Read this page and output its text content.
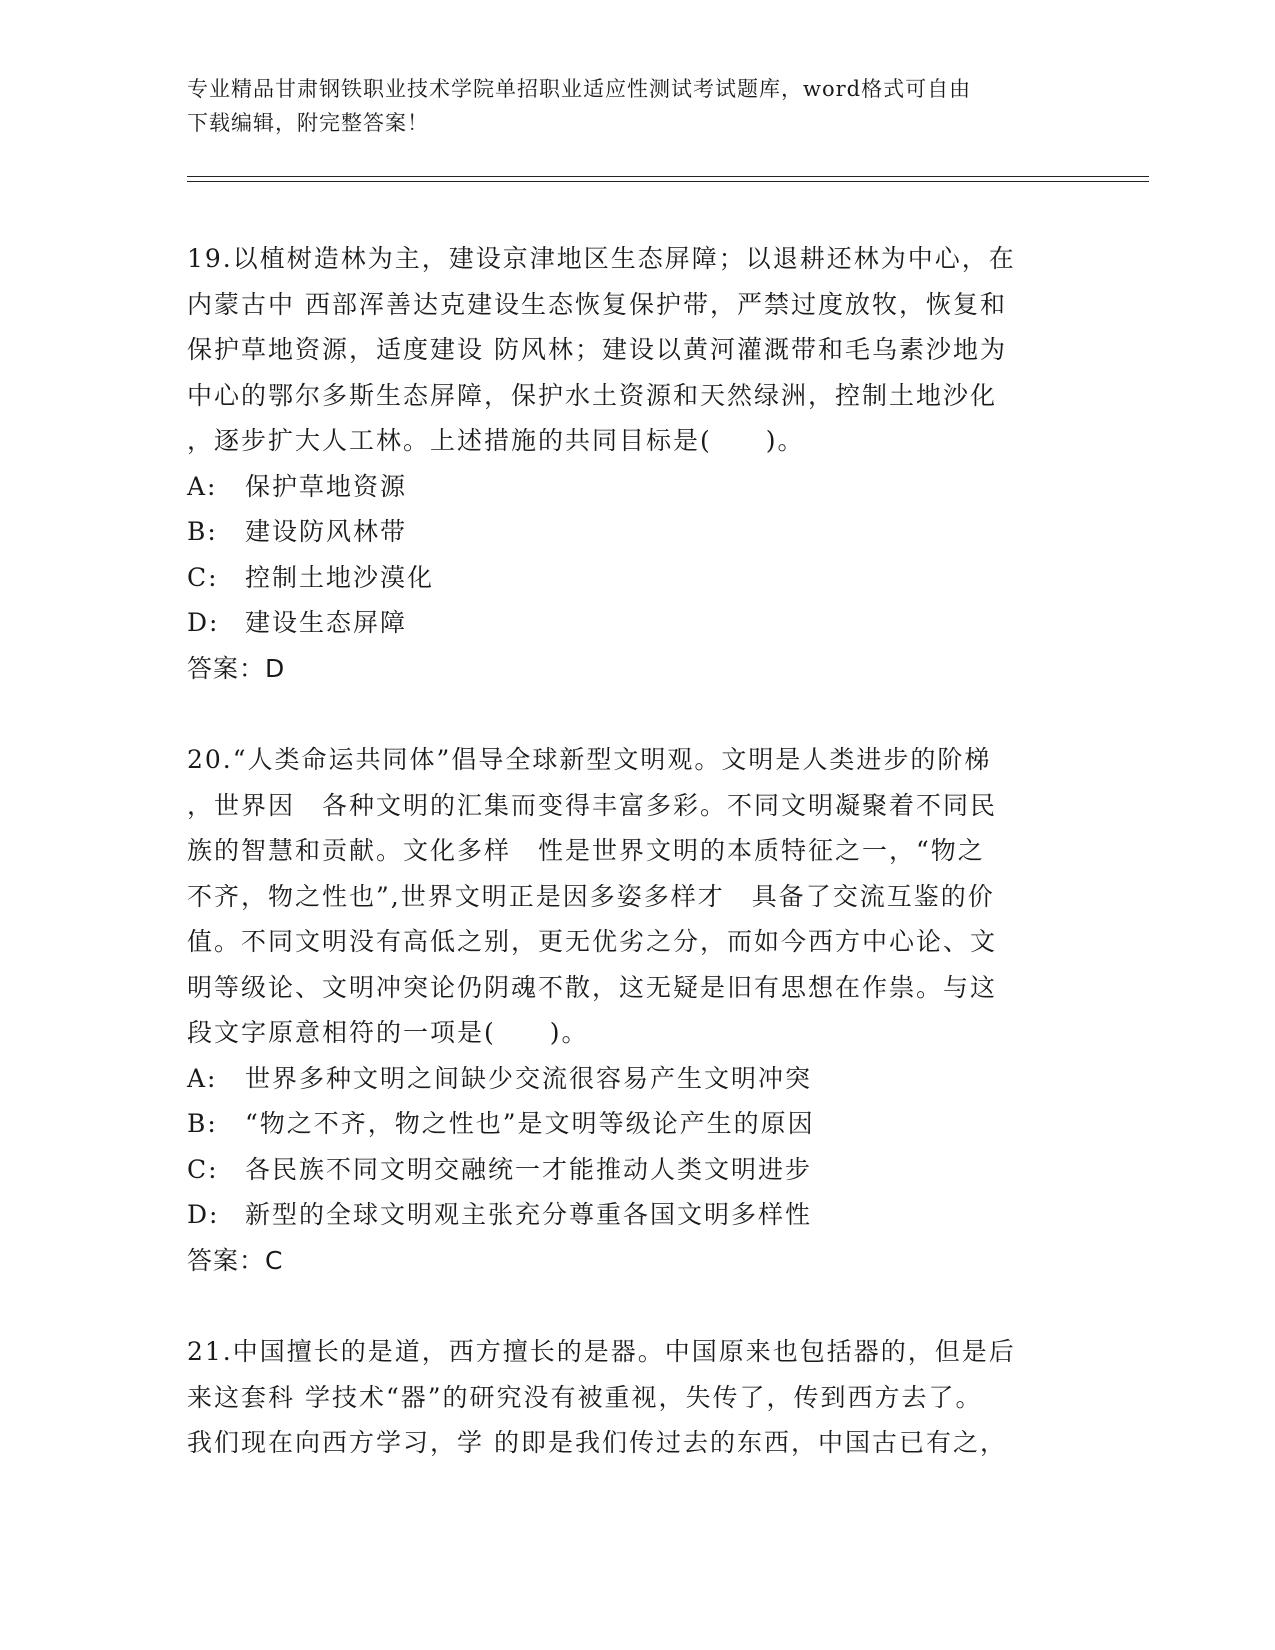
专业精品甘肃钢铁职业技术学院单招职业适应性测试考试题库，word格式可自由
下载编辑，附完整答案！
19.以植树造林为主，建设京津地区生态屏障；以退耕还林为中心，在
内蒙古中 西部浑善达克建设生态恢复保护带，严禁过度放牧，恢复和
保护草地资源，适度建设 防风林；建设以黄河灌溉带和毛乌素沙地为
中心的鄂尔多斯生态屏障，保护水土资源和天然绿洲，控制土地沙化
，逐步扩大人工林。上述措施的共同目标是(　　)。
A:	保护草地资源
B:	建设防风林带
C:	控制土地沙漠化
D:	建设生态屏障
答案：D
20.“人类命运共同体”倡导全球新型文明观。文明是人类进步的阶梯
，世界因　各种文明的汇集而变得丰富多彩。不同文明凝聚着不同民
族的智慧和贡献。文化多样　性是世界文明的本质特征之一，“物之
不齐，物之性也”,世界文明正是因多姿多样才　具备了交流互鉴的价
值。不同文明没有高低之别，更无优劣之分，而如今西方中心论、文
明等级论、文明冲突论仍阴魂不散，这无疑是旧有思想在作祟。与这
段文字原意相符的一项是(　　)。
A:	世界多种文明之间缺少交流很容易产生文明冲突
B:	“物之不齐，物之性也”是文明等级论产生的原因
C:	各民族不同文明交融统一才能推动人类文明进步
D:	新型的全球文明观主张充分尊重各国文明多样性
答案：C
21.中国擅长的是道，西方擅长的是器。中国原来也包括器的，但是后
来这套科 学技术“器”的研究没有被重视，失传了，传到西方去了。
我们现在向西方学习，学 的即是我们传过去的东西，中国古已有之，
